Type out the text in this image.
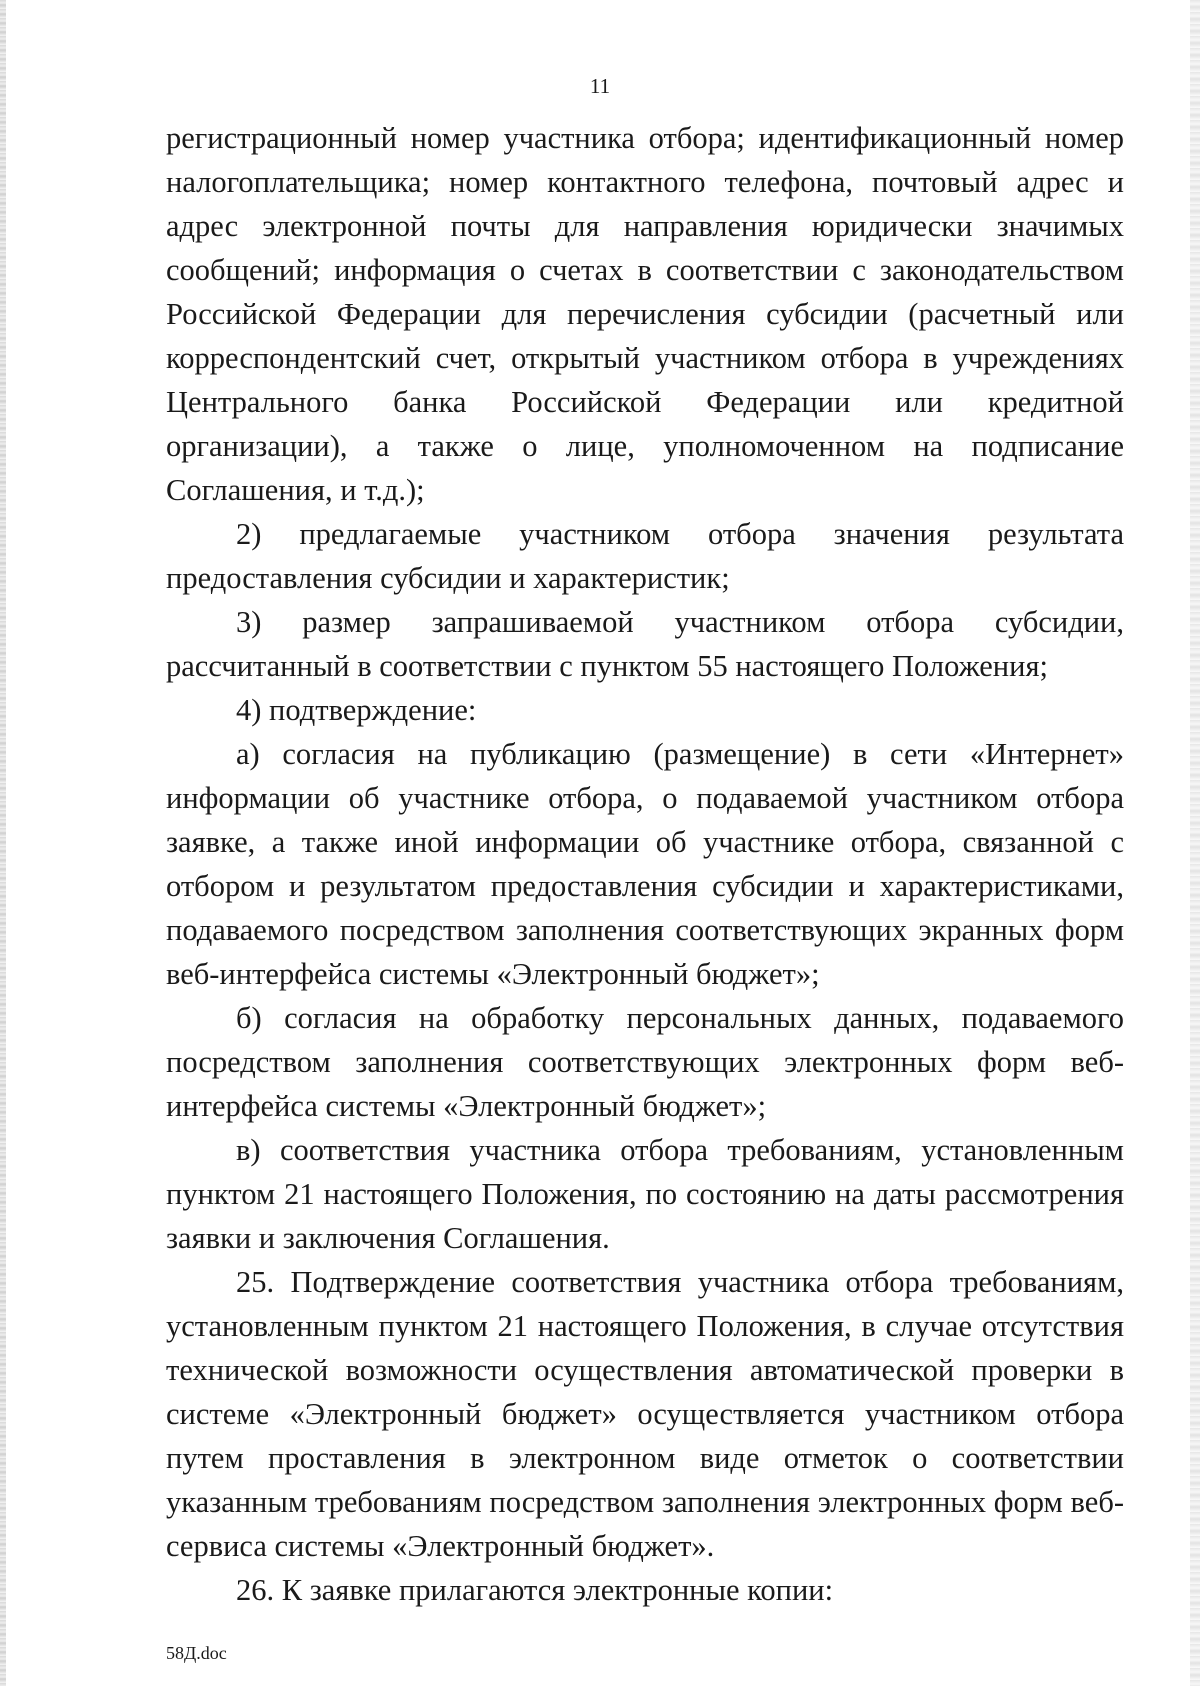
11

регистрационный номер участника отбора; идентификационный номер налогоплательщика; номер контактного телефона, почтовый адрес и адрес электронной почты для направления юридически значимых сообщений; информация о счетах в соответствии с законодательством Российской Федерации для перечисления субсидии (расчетный или корреспондентский счет, открытый участником отбора в учреждениях Центрального банка Российской Федерации или кредитной организации), а также о лице, уполномоченном на подписание Соглашения, и т.д.);

2) предлагаемые участником отбора значения результата предоставления субсидии и характеристик;

3) размер запрашиваемой участником отбора субсидии, рассчитанный в соответствии с пунктом 55 настоящего Положения;

4) подтверждение:

а) согласия на публикацию (размещение) в сети «Интернет» информации об участнике отбора, о подаваемой участником отбора заявке, а также иной информации об участнике отбора, связанной с отбором и результатом предоставления субсидии и характеристиками, подаваемого посредством заполнения соответствующих экранных форм веб-интерфейса системы «Электронный бюджет»;

б) согласия на обработку персональных данных, подаваемого посредством заполнения соответствующих электронных форм веб-интерфейса системы «Электронный бюджет»;

в) соответствия участника отбора требованиям, установленным пунктом 21 настоящего Положения, по состоянию на даты рассмотрения заявки и заключения Соглашения.

25. Подтверждение соответствия участника отбора требованиям, установленным пунктом 21 настоящего Положения, в случае отсутствия технической возможности осуществления автоматической проверки в системе «Электронный бюджет» осуществляется участником отбора путем проставления в электронном виде отметок о соответствии указанным требованиям посредством заполнения электронных форм веб-сервиса системы «Электронный бюджет».

26. К заявке прилагаются электронные копии:

58Д.doc
